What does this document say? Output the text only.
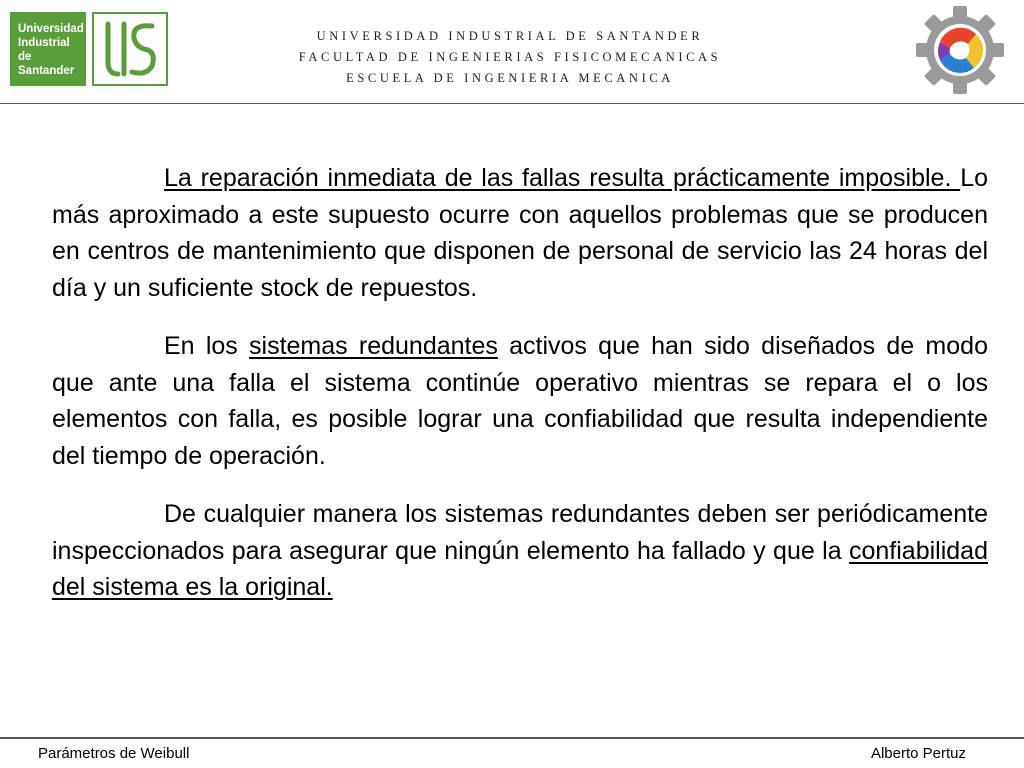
Universidad
Industrial de
Santander
UNIVERSIDAD INDUSTRIAL DE SANTANDER
FACULTAD DE INGENIERIAS FISICOMECANICAS
ESCUELA DE INGENIERIA MECANICA

La reparación inmediata de las fallas resulta prácticamente imposible. Lo más aproximado a este supuesto ocurre con aquellos problemas que se producen en centros de mantenimiento que disponen de personal de servicio las 24 horas del día y un suficiente stock de repuestos.

En los sistemas redundantes activos que han sido diseñados de modo que ante una falla el sistema continúe operativo mientras se repara el o los elementos con falla, es posible lograr una confiabilidad que resulta independiente del tiempo de operación.

De cualquier manera los sistemas redundantes deben ser periódicamente inspeccionados para asegurar que ningún elemento ha fallado y que la confiabilidad del sistema es la original.

Parámetros de Weibull	Alberto Pertuz
